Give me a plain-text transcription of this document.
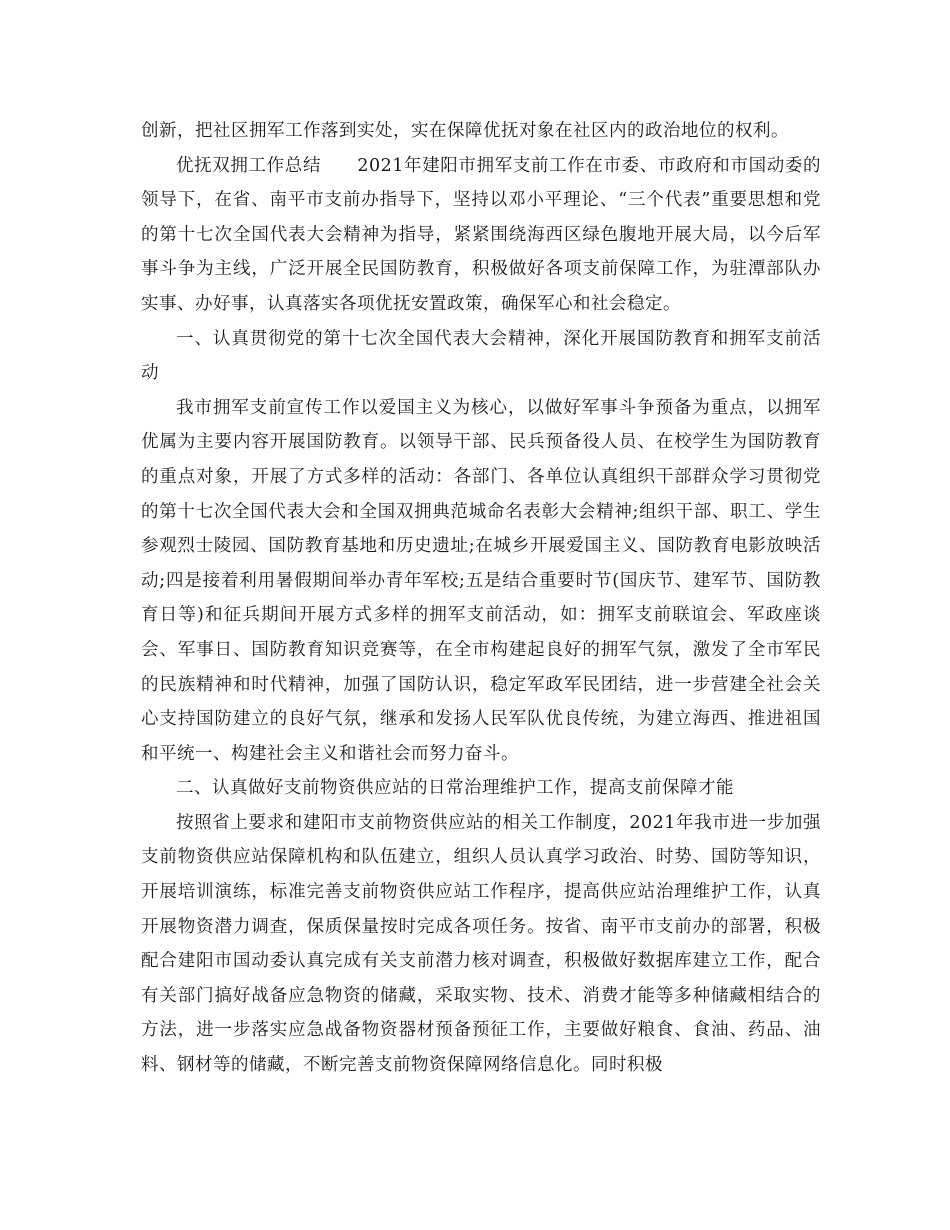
创新，把社区拥军工作落到实处，实在保障优抚对象在社区内的政治地位的权利。

优抚双拥工作总结　　2021年建阳市拥军支前工作在市委、市政府和市国动委的领导下，在省、南平市支前办指导下，坚持以邓小平理论、“三个代表”重要思想和党的第十七次全国代表大会精神为指导，紧紧围绕海西区绿色腹地开展大局，以今后军事斗争为主线，广泛开展全民国防教育，积极做好各项支前保障工作，为驻潭部队办实事、办好事，认真落实各项优抚安置政策，确保军心和社会稳定。

一、认真贯彻党的第十七次全国代表大会精神，深化开展国防教育和拥军支前活动

我市拥军支前宣传工作以爱国主义为核心，以做好军事斗争预备为重点，以拥军优属为主要内容开展国防教育。以领导干部、民兵预备役人员、在校学生为国防教育的重点对象，开展了方式多样的活动：各部门、各单位认真组织干部群众学习贯彻党的第十七次全国代表大会和全国双拥典范城命名表彰大会精神;组织干部、职工、学生参观烈士陵园、国防教育基地和历史遗址;在城乡开展爱国主义、国防教育电影放映活动;四是接着利用暑假期间举办青年军校;五是结合重要时节(国庆节、建军节、国防教育日等)和征兵期间开展方式多样的拥军支前活动，如：拥军支前联谊会、军政座谈会、军事日、国防教育知识竞赛等，在全市构建起良好的拥军气氛，激发了全市军民的民族精神和时代精神，加强了国防认识，稳定军政军民团结，进一步营建全社会关心支持国防建立的良好气氛，继承和发扬人民军队优良传统，为建立海西、推进祖国和平统一、构建社会主义和谐社会而努力奋斗。

二、认真做好支前物资供应站的日常治理维护工作，提高支前保障才能

按照省上要求和建阳市支前物资供应站的相关工作制度，2021年我市进一步加强支前物资供应站保障机构和队伍建立，组织人员认真学习政治、时势、国防等知识，开展培训演练，标准完善支前物资供应站工作程序，提高供应站治理维护工作，认真开展物资潜力调查，保质保量按时完成各项任务。按省、南平市支前办的部署，积极配合建阳市国动委认真完成有关支前潜力核对调查，积极做好数据库建立工作，配合有关部门搞好战备应急物资的储藏，采取实物、技术、消费才能等多种储藏相结合的方法，进一步落实应急战备物资器材预备预征工作，主要做好粮食、食油、药品、油料、钢材等的储藏，不断完善支前物资保障网络信息化。同时积极
